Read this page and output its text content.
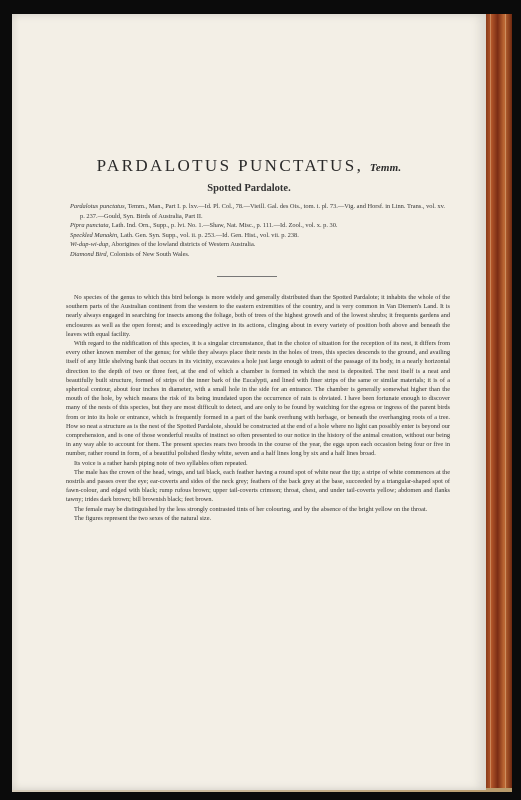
PARDALOTUS PUNCTATUS, Temm.
Spotted Pardalote.

Pardalotus punctatus, Temm., Man., Part I. p. lxv.—Id. Pl. Col., 78.—Vieill. Gal. des Ois., tom. i. pl. 73.—Vig. and Horsf. in Linn. Trans., vol. xv. p. 237.—Gould, Syn. Birds of Australia, Part II.

Pipra punctata, Lath. Ind. Orn., Supp., p. lvi. No. 1.—Shaw, Nat. Misc., p. 111.—Id. Zool., vol. x. p. 30.

Speckled Manakin, Lath. Gen. Syn. Supp., vol. ii. p. 253.—Id. Gen. Hist., vol. vii. p. 238.

Wi-dup-wi-dup, Aborigines of the lowland districts of Western Australia.

Diamond Bird, Colonists of New South Wales.

No species of the genus to which this bird belongs is more widely and generally distributed than the Spotted Pardalote; it inhabits the whole of the southern parts of the Australian continent from the western to the eastern extremities of the country, and is very common in Van Diemen's Land. It is nearly always engaged in searching for insects among the foliage, both of trees of the highest growth and of the lowest shrubs; it frequents gardens and enclosures as well as the open forest; and is exceedingly active in its actions, clinging about in every variety of position both above and beneath the leaves with equal facility.

With regard to the nidification of this species, it is a singular circumstance, that in the choice of situation for the reception of its nest, it differs from every other known member of the genus; for while they always place their nests in the holes of trees, this species descends to the ground, and availing itself of any little shelving bank that occurs in its vicinity, excavates a hole just large enough to admit of the passage of its body, in a nearly horizontal direction to the depth of two or three feet, at the end of which a chamber is formed in which the nest is deposited. The nest itself is a neat and beautifully built structure, formed of strips of the inner bark of the Eucalypti, and lined with finer strips of the same or similar materials; it is of a spherical contour, about four inches in diameter, with a small hole in the side for an entrance. The chamber is generally somewhat higher than the mouth of the hole, by which means the risk of its being inundated upon the occurrence of rain is obviated. I have been fortunate enough to discover many of the nests of this species, but they are most difficult to detect, and are only to be found by watching for the egress or ingress of the parent birds from or into its hole or entrance, which is frequently formed in a part of the bank overhung with herbage, or beneath the overhanging roots of a tree. How so neat a structure as is the nest of the Spotted Pardalote, should be constructed at the end of a hole where no light can possibly enter is beyond our comprehension, and is one of those wonderful results of instinct so often presented to our notice in the history of the animal creation, without our being in any way able to account for them. The present species rears two broods in the course of the year, the eggs upon each occasion being four or five in number, rather round in form, of a beautiful polished fleshy white, seven and a half lines long by six and a half lines broad.

Its voice is a rather harsh piping note of two syllables often repeated.

The male has the crown of the head, wings, and tail black, each feather having a round spot of white near the tip; a stripe of white commences at the nostrils and passes over the eye; ear-coverts and sides of the neck grey; feathers of the back grey at the base, succeeded by a triangular-shaped spot of fawn-colour, and edged with black; rump rufous brown; upper tail-coverts crimson; throat, chest, and under tail-coverts yellow; abdomen and flanks tawny; irides dark brown; bill brownish black; feet brown.

The female may be distinguished by the less strongly contrasted tints of her colouring, and by the absence of the bright yellow on the throat.

The figures represent the two sexes of the natural size.
